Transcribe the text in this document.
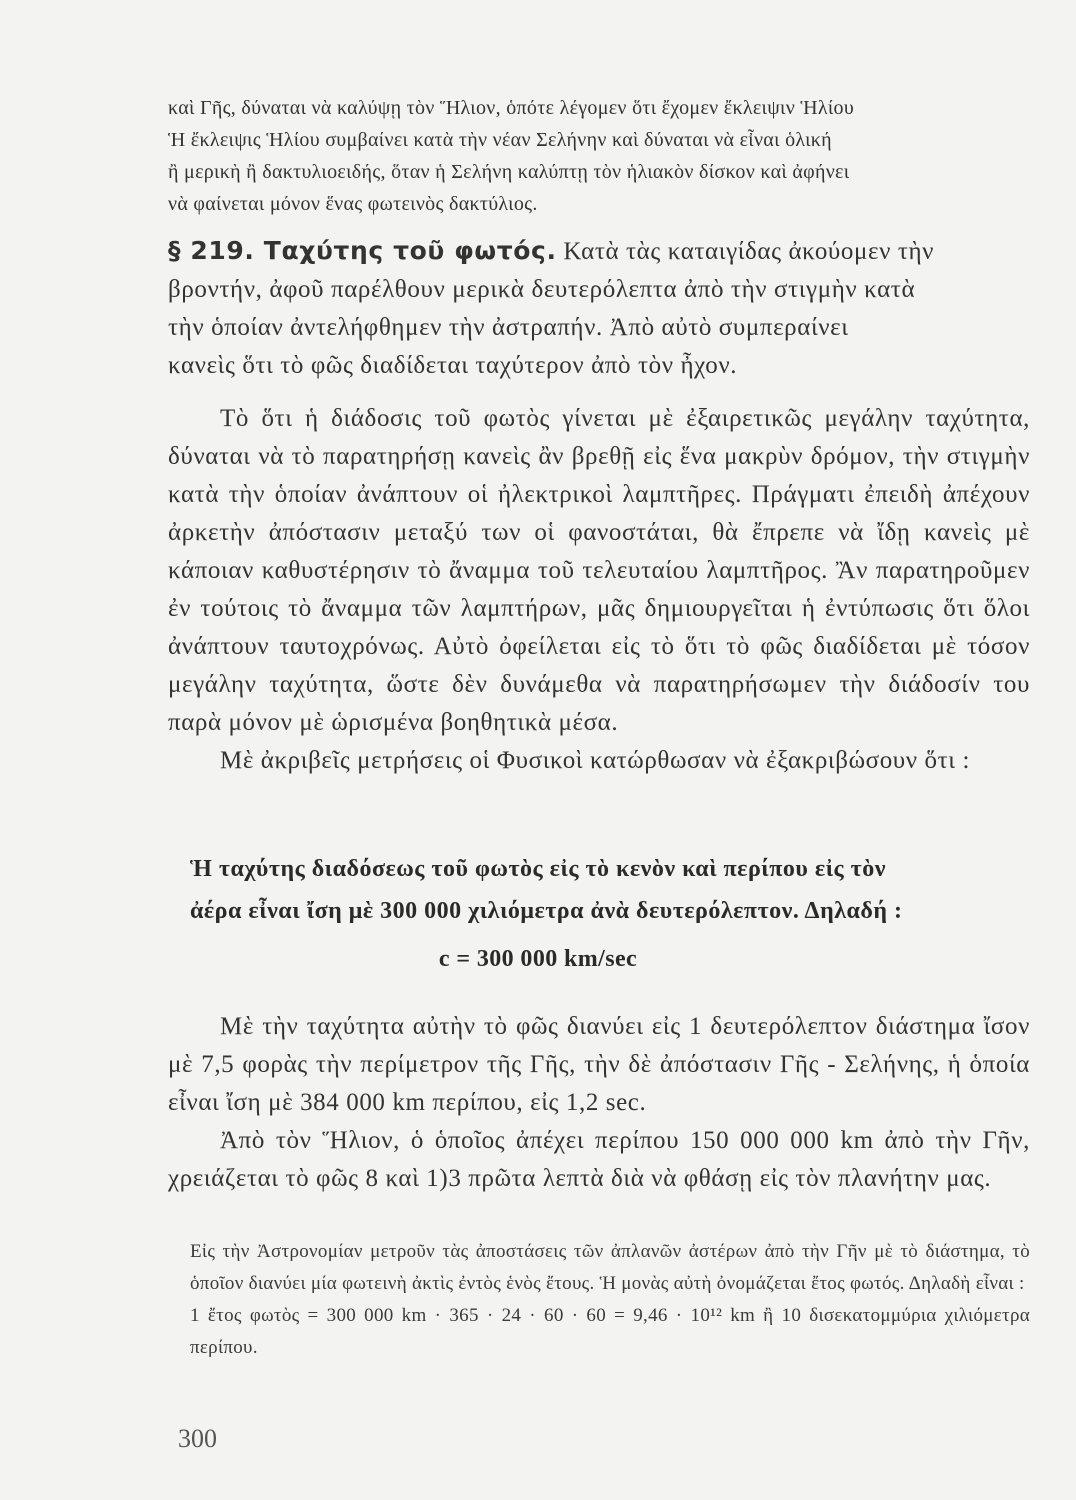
καὶ Γῆς, δύναται νὰ καλύψῃ τὸν Ἥλιον, ὁπότε λέγομεν ὅτι ἔχομεν ἔκλειψιν Ἡλίου

Ἡ ἔκλειψις Ἡλίου συμβαίνει κατὰ τὴν νέαν Σελήνην καὶ δύναται νὰ εἶναι ὁλική

ἢ μερικὴ ἢ δακτυλιοειδής, ὅταν ἡ Σελήνη καλύπτῃ τὸν ἡλιακὸν δίσκον καὶ ἀφήνει

νὰ φαίνεται μόνον ἕνας φωτεινὸς δακτύλιος.

§ 219. Ταχύτης τοῦ φωτός. Κατὰ τὰς καταιγίδας ἀκούομεν τὴν

βροντήν, ἀφοῦ παρέλθουν μερικὰ δευτερόλεπτα ἀπὸ τὴν στιγμὴν κατὰ

τὴν ὁποίαν ἀντελήφθημεν τὴν ἀστραπήν. Ἀπὸ αὐτὸ συμπεραίνει

κανεὶς ὅτι τὸ φῶς διαδίδεται ταχύτερον ἀπὸ τὸν ἦχον.

Τὸ ὅτι ἡ διάδοσις τοῦ φωτὸς γίνεται μὲ ἐξαιρετικῶς μεγάλην ταχύτητα, δύναται νὰ τὸ παρατηρήσῃ κανεὶς ἂν βρεθῇ εἰς ἕνα μακρὺν δρόμον, τὴν στιγμὴν κατὰ τὴν ὁποίαν ἀνάπτουν οἱ ἠλεκτρικοὶ λαμπτῆρες. Πράγματι ἐπειδὴ ἀπέχουν ἀρκετὴν ἀπόστασιν μεταξύ των οἱ φανοστάται, θὰ ἔπρεπε νὰ ἴδῃ κανεὶς μὲ κάποιαν καθυστέρησιν τὸ ἄναμμα τοῦ τελευταίου λαμπτῆρος. Ἂν παρατηροῦμεν ἐν τούτοις τὸ ἄναμμα τῶν λαμπτήρων, μᾶς δημιουργεῖται ἡ ἐντύπωσις ὅτι ὅλοι ἀνάπτουν ταυτοχρόνως. Αὐτὸ ὀφείλεται εἰς τὸ ὅτι τὸ φῶς διαδίδεται μὲ τόσον μεγάλην ταχύτητα, ὥστε δὲν δυνάμεθα νὰ παρατηρήσωμεν τὴν διάδοσίν του παρὰ μόνον μὲ ὡρισμένα βοηθητικὰ μέσα.

Μὲ ἀκριβεῖς μετρήσεις οἱ Φυσικοὶ κατώρθωσαν νὰ ἐξακριβώσουν ὅτι :

Ἡ ταχύτης διαδόσεως τοῦ φωτὸς εἰς τὸ κενὸν καὶ περίπου εἰς τὸν

ἀέρα εἶναι ἴση μὲ 300 000 χιλιόμετρα ἀνὰ δευτερόλεπτον. Δηλαδή :

c = 300 000 km/sec

Μὲ τὴν ταχύτητα αὐτὴν τὸ φῶς διανύει εἰς 1 δευτερόλεπτον διάστημα ἴσον μὲ 7,5 φορὰς τὴν περίμετρον τῆς Γῆς, τὴν δὲ ἀπόστασιν Γῆς - Σελήνης, ἡ ὁποία εἶναι ἴση μὲ 384 000 km περίπου, εἰς 1,2 sec.

Ἀπὸ τὸν Ἥλιον, ὁ ὁποῖος ἀπέχει περίπου 150 000 000 km ἀπὸ τὴν Γῆν, χρειάζεται τὸ φῶς 8 καὶ 1)3 πρῶτα λεπτὰ διὰ νὰ φθάσῃ εἰς τὸν πλανήτην μας.

Εἰς τὴν Ἀστρονομίαν μετροῦν τὰς ἀποστάσεις τῶν ἀπλανῶν ἀστέρων ἀπὸ τὴν Γῆν μὲ τὸ διάστημα, τὸ ὁποῖον διανύει μία φωτεινὴ ἀκτὶς ἐντὸς ἑνὸς ἔτους. Ἡ μονὰς αὐτὴ ὀνομάζεται ἔτος φωτός. Δηλαδὴ εἶναι :

1 ἔτος φωτὸς = 300 000 km · 365 · 24 · 60 · 60 = 9,46 · 10¹² km ἢ 10 δισεκατομμύρια χιλιόμετρα περίπου.

300
